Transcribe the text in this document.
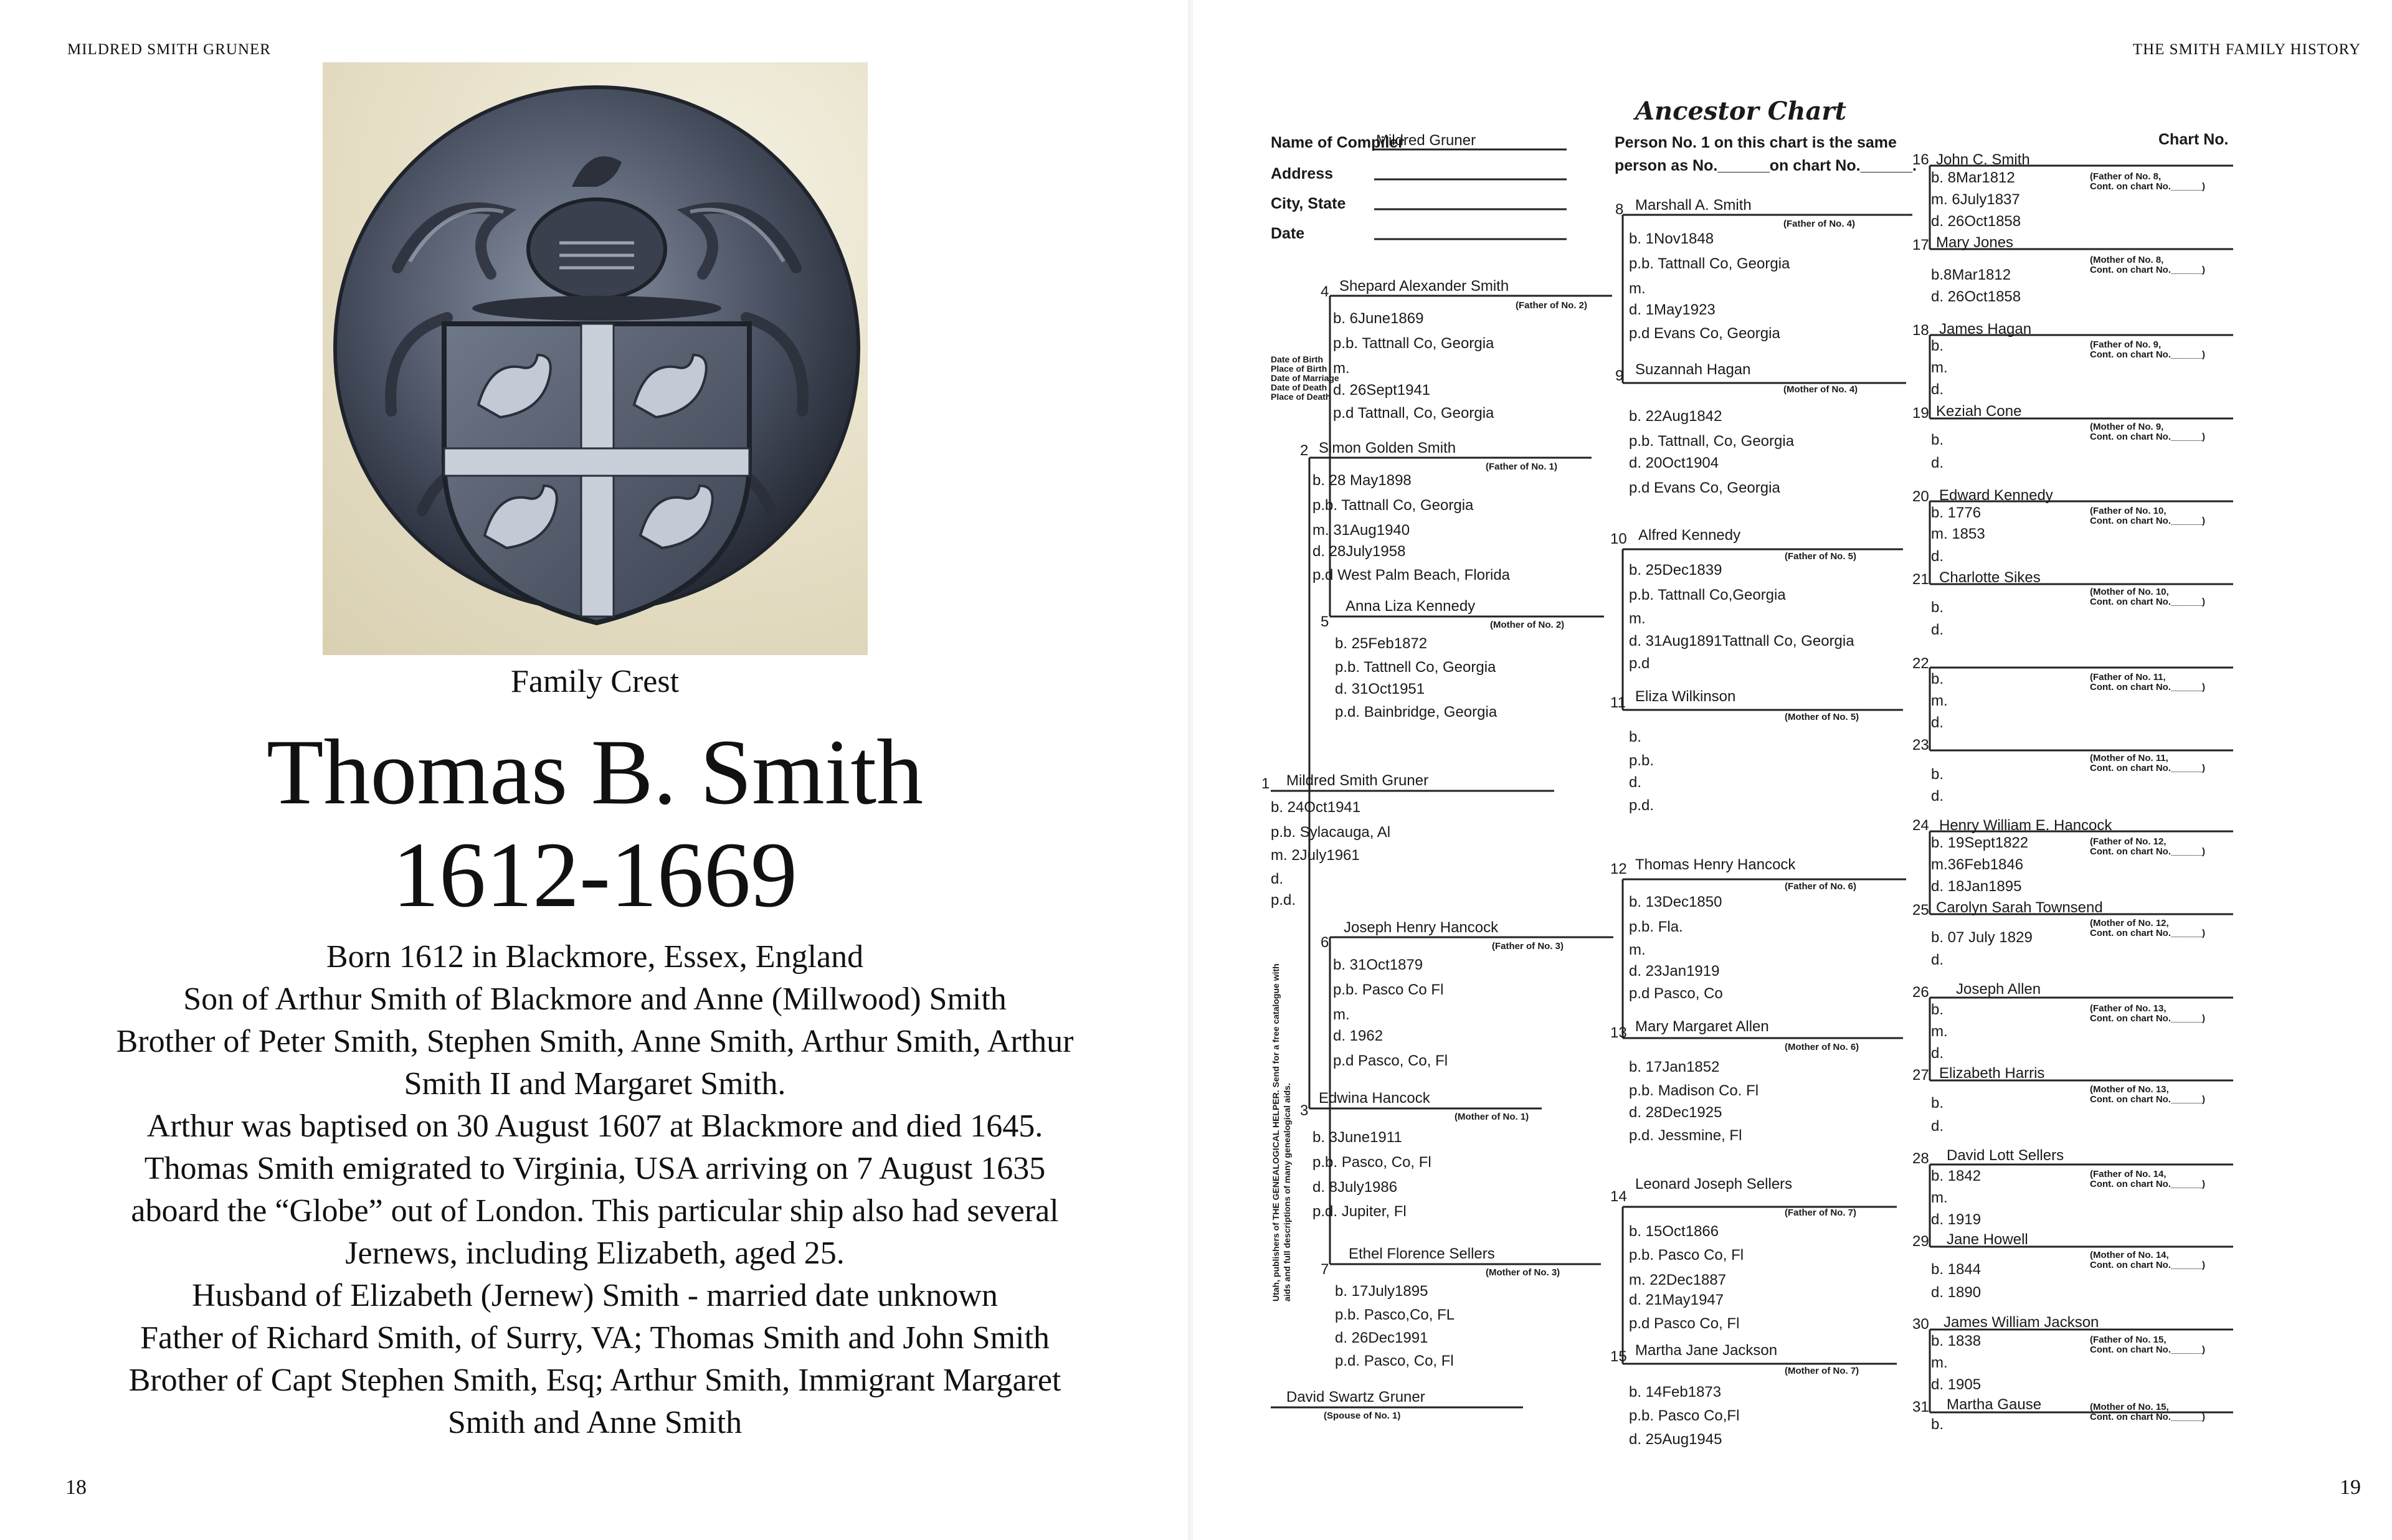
MILDRED SMITH GRUNER
Family Crest
Thomas B. Smith
1612-1669
Born 1612 in Blackmore, Essex, England
Son of Arthur Smith of Blackmore and Anne (Millwood) Smith
Brother of Peter Smith, Stephen Smith, Anne Smith, Arthur Smith, Arthur
Smith II and Margaret Smith.
Arthur was baptised on 30 August 1607 at Blackmore and died 1645.
Thomas Smith emigrated to Virginia, USA arriving on 7 August 1635
aboard the “Globe” out of London. This particular ship also had several
Jernews, including Elizabeth, aged 25.
Husband of Elizabeth (Jernew) Smith - married date unknown
Father of Richard Smith, of Surry, VA; Thomas Smith and John Smith
Brother of Capt Stephen Smith, Esq; Arthur Smith, Immigrant Margaret
Smith and Anne Smith
18
THE SMITH FAMILY HISTORY
19
Ancestor Chart
Name of Compiler
Mildred Gruner
Address
City, State
Date
Person No. 1 on this chart is the same
person as No.______on chart No.______.
Chart No.
Date of Birth
Place of Birth
Date of Marriage
Date of Death
Place of Death
Utah, publishers of THE GENEALOGICAL HELPER. Send for a free catalogue with aids and full descriptions of many genealogical aids.
1 Mildred Smith Gruner
b. 24Oct1941
p.b. Sylacauga, Al
m. 2July1961
d.
p.d.
David Swartz Gruner
(Spouse of No. 1)
2 Simon Golden Smith
(Father of No. 1)
b. 28 May1898
p.b. Tattnall Co, Georgia
m. 31Aug1940
d. 28July1958
p.d West Palm Beach, Florida
3
Edwina Hancock
(Mother of No. 1)
b. 3June1911
p.b. Pasco, Co, Fl
d. 8July1986
p.d. Jupiter, Fl
4 Shepard Alexander Smith
(Father of No. 2)
b. 6June1869
p.b. Tattnall Co, Georgia
m.
d. 26Sept1941
p.d Tattnall, Co, Georgia
5
Anna Liza Kennedy
(Mother of No. 2)
b. 25Feb1872
p.b. Tattnell Co, Georgia
d. 31Oct1951
p.d. Bainbridge, Georgia
6
Joseph Henry Hancock
(Father of No. 3)
b. 31Oct1879
p.b. Pasco Co Fl
m.
d. 1962
p.d Pasco, Co, Fl
7
Ethel Florence Sellers
(Mother of No. 3)
b. 17July1895
p.b. Pasco,Co, FL
d. 26Dec1991
p.d. Pasco, Co, Fl
8 Marshall A. Smith
(Father of No. 4)
b. 1Nov1848
p.b. Tattnall Co, Georgia
m.
d. 1May1923
p.d Evans Co, Georgia
9 Suzannah Hagan
(Mother of No. 4)
b. 22Aug1842
p.b. Tattnall, Co, Georgia
d. 20Oct1904
p.d Evans Co, Georgia
10 Alfred Kennedy
(Father of No. 5)
b. 25Dec1839
p.b. Tattnall Co,Georgia
m.
d. 31Aug1891Tattnall Co, Georgia
p.d
11 Eliza Wilkinson
(Mother of No. 5)
b.
p.b.
d.
p.d.
12 Thomas Henry Hancock
(Father of No. 6)
b. 13Dec1850
p.b. Fla.
m.
d. 23Jan1919
p.d Pasco, Co
13 Mary Margaret Allen
(Mother of No. 6)
b. 17Jan1852
p.b. Madison Co. Fl
d. 28Dec1925
p.d. Jessmine, Fl
14
Leonard Joseph Sellers
(Father of No. 7)
b. 15Oct1866
p.b. Pasco Co, Fl
m. 22Dec1887
d. 21May1947
p.d Pasco Co, Fl
15 Martha Jane Jackson
(Mother of No. 7)
b. 14Feb1873
p.b. Pasco Co,Fl
d. 25Aug1945
16 John C. Smith
b. 8Mar1812
m. 6July1837
d. 26Oct1858
(Father of No. 8,
Cont. on chart No.______)
17 Mary Jones
b.8Mar1812
d. 26Oct1858
(Mother of No. 8,
Cont. on chart No.______)
18 James Hagan
b.
m.
d.
(Father of No. 9,
Cont. on chart No.______)
19 Keziah Cone
b.
d.
(Mother of No. 9,
Cont. on chart No.______)
20 Edward Kennedy
b. 1776
m. 1853
d.
(Father of No. 10,
Cont. on chart No.______)
21 Charlotte Sikes
b.
d.
(Mother of No. 10,
Cont. on chart No.______)
22
b.
m.
d.
(Father of No. 11,
Cont. on chart No.______)
23
b.
d.
(Mother of No. 11,
Cont. on chart No.______)
24 Henry William E. Hancock
b. 19Sept1822
m.36Feb1846
d. 18Jan1895
(Father of No. 12,
Cont. on chart No.______)
25 Carolyn Sarah Townsend
b. 07 July 1829
d.
(Mother of No. 12,
Cont. on chart No.______)
26 Joseph Allen
b.
m.
d.
(Father of No. 13,
Cont. on chart No.______)
27 Elizabeth Harris
b.
d.
(Mother of No. 13,
Cont. on chart No.______)
28 David Lott Sellers
b. 1842
m.
d. 1919
(Father of No. 14,
Cont. on chart No.______)
29 Jane Howell
b. 1844
d. 1890
(Mother of No. 14,
Cont. on chart No.______)
30 James William Jackson
b. 1838
m.
d. 1905
(Father of No. 15,
Cont. on chart No.______)
31 Martha Gause
b.
(Mother of No. 15,
Cont. on chart No.______)
